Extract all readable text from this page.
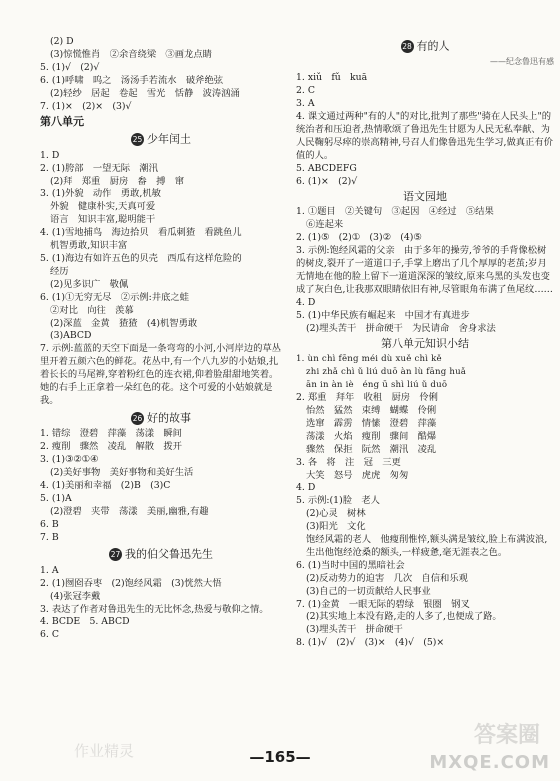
(2) D
(3)惊慌惟肖　②余音绕梁　③画龙点睛
5. (1)√　(2)√
6. (1)呼啸　呜之　汤汤手若流水　破斧绝弦
(2)轻纱　居起　卷起　雪光　恬静　波涛汹涌
7. (1)×　(2)×　(3)√
第八单元
25 少年闰土
1. D
2. (1)胯部　一望无际　潮汛
(2)拜　郑重　厨房　畚　搏　窜
3. (1)外貌　动作　勇敢,机敏
外貌　健康朴实,天真可爱
语言　知识丰富,聪明能干
4. (1)雪地捕鸟　海边拾贝　看瓜刺猹　看跳鱼儿
机智勇敢,知识丰富
5. (1)海边有如许五色的贝壳　西瓜有这样危险的
经历
(2)见多识广　敬佩
6. (1)①无穷无尽　②示例:井底之蛙
②对比　向往　羡慕
(2)深蓝　金黄　猹猹　(4)机智勇敢
(3)ABCD
7. 示例:蓝蓝的天空下面是一条弯弯的小河,小河岸边的草丛里开着五颜六色的鲜花。花丛中,有一个八九岁的小姑娘,扎着长长的马尾辫,穿着粉红色的连衣裙,仰着脸甜甜地笑着。她的右手上正拿着一朵红色的花。这个可爱的小姑娘就是我。
26 好的故事
1. 错综　澄碧　萍藻　荡漾　瞬间
2. 瘦削　骤然　凌乱　解散　拨开
3. (1)③②①④
(2)美好事物　美好事物和美好生活
4. (1)美丽和幸福　(2)B　(3)C
5. (1)A
(2)澄碧　夹带　荡漾　美丽,幽雅,有趣
6. B
7. B
27 我的伯父鲁迅先生
1. A
2. (1)囫囵吞枣　(2)饱经风霜　(3)恍然大悟
(4)张冠李戴
3. 表达了作者对鲁迅先生的无比怀念,热爱与敬仰之情。
4. BCDE　5. ABCD
6. C
28 有的人
——纪念鲁迅有感
1. xiǔ　fǔ　kuā
2. C
3. A
4. 课文通过两种"有的人"的对比,批判了那些"骑在人民头上"的统治者和压迫者,热情歌颂了鲁迅先生甘愿为人民无私奉献、为人民鞠躬尽瘁的崇高精神,号召人们像鲁迅先生学习,做真正有价值的人。
5. ABCDEFG
6. (1)×　(2)√
语文园地
1. ①题目　②关键句　③起因　④经过　⑤结果
⑥连起来
2. (1)⑤　(2)①　(3)②　(4)⑤
3. 示例:饱经风霜的父亲　由于多年的操劳,爷爷的手背像松树的树皮,裂开了一道道口子,手掌上磨出了几个厚厚的老茧;岁月无情地在他的脸上留下一道道深深的皱纹,原来乌黑的头发也变成了灰白色,让我那双眼睛依旧有神,尽管眼角布满了鱼尾纹……
4. D
5. (1)中华民族有崛起来　中国才有真进步
(2)埋头苦干　拼命硬干　为民请命　舍身求法
第八单元知识小结
1. ùn chì fēng méi dù xuě chì kě
zhi zhǎ chì ǔ liú duō àn lù fāng huǎ
ān in àn iè　éng ū shì liú ǔ duō
2. 郑重　拜年　收租　厨房　伶俐
怡然　猛然　束缚　蝴蝶　伶俐
选窜　霹雳　情愫　澄碧　萍藻
荡漾　火焰　瘦削　骤间　酷爆
骤然　保拒　阮然　潮汛　凌乱
3. 各　将　注　冠　三更
大笑　怒号　虎虎　匆匆
4. D
5. 示例:(1)脸　老人
(2)心灵　树林
(3)阳光　文化
饱经风霜的老人　他瘦削惟悴,额头满是皱纹,脸上布满波浪,生出他饱经沧桑的额头,一样疲惫,毫无涯表之色。
6. (1)当时中国的黑暗社会
(2)反动势力的迫害　几次　自信和乐观
(3)自己的一切贡献给人民事业
7. (1)金黄　一眼无际的碧绿　银圈　钢叉
(2)其实地上本没有路,走的人多了,也便成了路。
(3)埋头苦干　拼命硬干
8. (1)√　(2)√　(3)×　(4)√　(5)×
—165—
答案圈
MXQE.COM
作业精灵
